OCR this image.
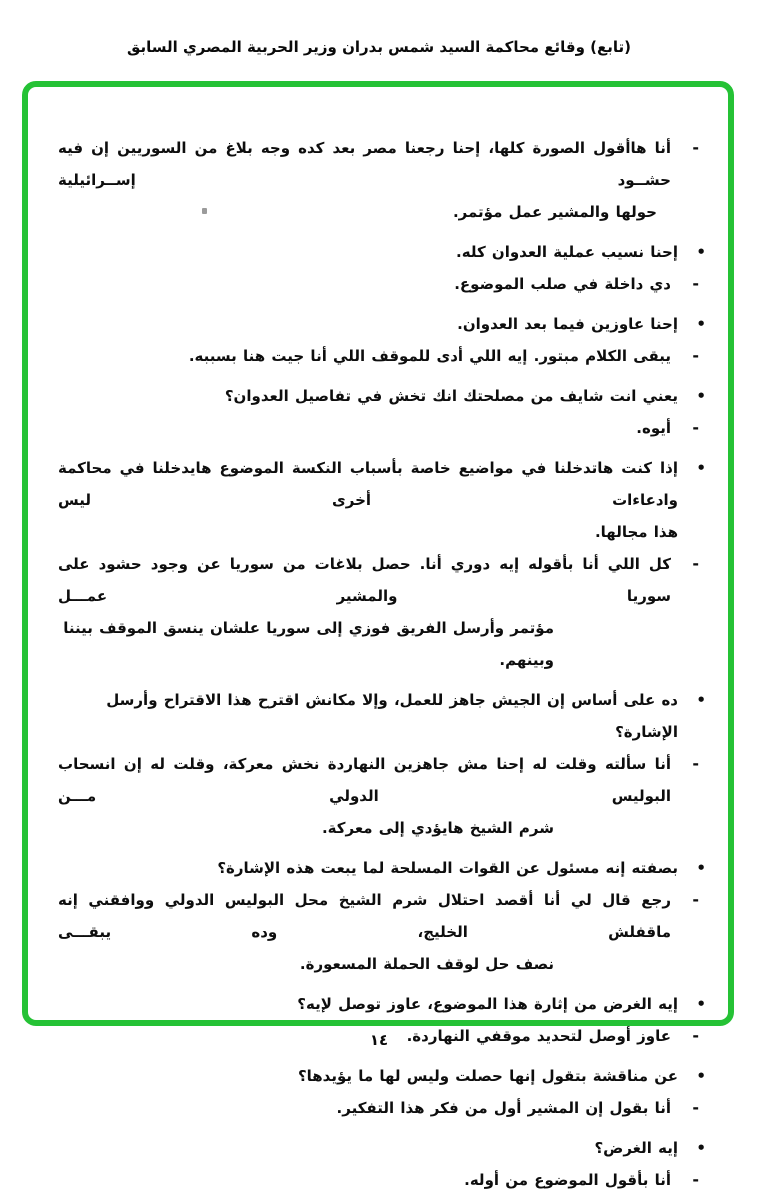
(تابع) وقائع محاكمة السيد شمس بدران وزير الحربية المصري السابق
-
أنا هاأقول الصورة كلها، إحنا رجعنا مصر بعد كده وجه بلاغ من السوريين إن فيه حشــود إســرائيلية
حولها والمشير عمل مؤتمر.
•
إحنا نسيب عملية العدوان كله.
-
دي داخلة في صلب الموضوع.
•
إحنا عاوزين فيما بعد العدوان.
-
يبقى الكلام مبتور. إيه اللي أدى للموقف اللي أنا جيت هنا بسببه.
•
يعني انت شايف من مصلحتك انك تخش في تفاصيل العدوان؟
-
أيوه.
•
إذا كنت هاتدخلنا في مواضيع خاصة بأسباب النكسة الموضوع هايدخلنا في محاكمة وادعاءات أخرى ليس
هذا مجالها.
-
كل اللي أنا بأقوله إيه دوري أنا. حصل بلاغات من سوريا عن وجود حشود على سوريا والمشير عمـــل
مؤتمر وأرسل الفريق فوزي إلى سوريا علشان ينسق الموقف بيننا وبينهم.
•
ده على أساس إن الجيش جاهز للعمل، وإلا مكانش اقترح هذا الاقتراح وأرسل الإشارة؟
-
أنا سألته وقلت له إحنا مش جاهزين النهاردة نخش معركة، وقلت له إن انسحاب البوليس الدولي مـــن
شرم الشيخ هايؤدي إلى معركة.
•
بصفته إنه مسئول عن القوات المسلحة لما يبعت هذه الإشارة؟
-
رجع قال لي أنا أقصد احتلال شرم الشيخ محل البوليس الدولي ووافقني إنه ماقفلش الخليج، وده يبقـــى
نصف حل لوقف الحملة المسعورة.
•
إيه الغرض من إثارة هذا الموضوع، عاوز توصل لإيه؟
-
عاوز أوصل لتحديد موقفي النهاردة.
•
عن مناقشة بتقول إنها حصلت وليس لها ما يؤيدها؟
-
أنا بقول إن المشير أول من فكر هذا التفكير.
•
إيه الغرض؟
-
أنا بأقول الموضوع من أوله.
١٤
